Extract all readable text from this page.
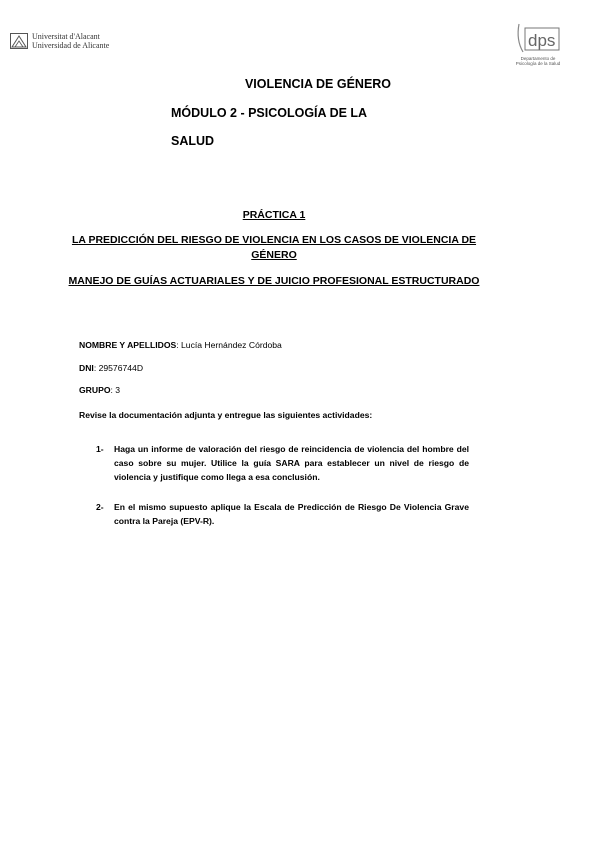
Universitat d'Alacant
Universidad de Alicante	dps
Departamento de
Psicología de la Salud
VIOLENCIA DE GÉNERO
MÓDULO 2 - PSICOLOGÍA DE LA
SALUD
PRÁCTICA 1
LA PREDICCIÓN DEL RIESGO DE VIOLENCIA EN LOS CASOS DE VIOLENCIA DE GÉNERO
MANEJO DE GUÍAS ACTUARIALES Y DE JUICIO PROFESIONAL ESTRUCTURADO
NOMBRE Y APELLIDOS: Lucía Hernández Córdoba
DNI: 29576744D
GRUPO: 3
Revise la documentación adjunta y entregue las siguientes actividades:
1- Haga un informe de valoración del riesgo de reincidencia de violencia del hombre del caso sobre su mujer. Utilice la guía SARA para establecer un nivel de riesgo de violencia y justifique como llega a esa conclusión.
2- En el mismo supuesto aplique la Escala de Predicción de Riesgo De Violencia Grave contra la Pareja (EPV-R).
